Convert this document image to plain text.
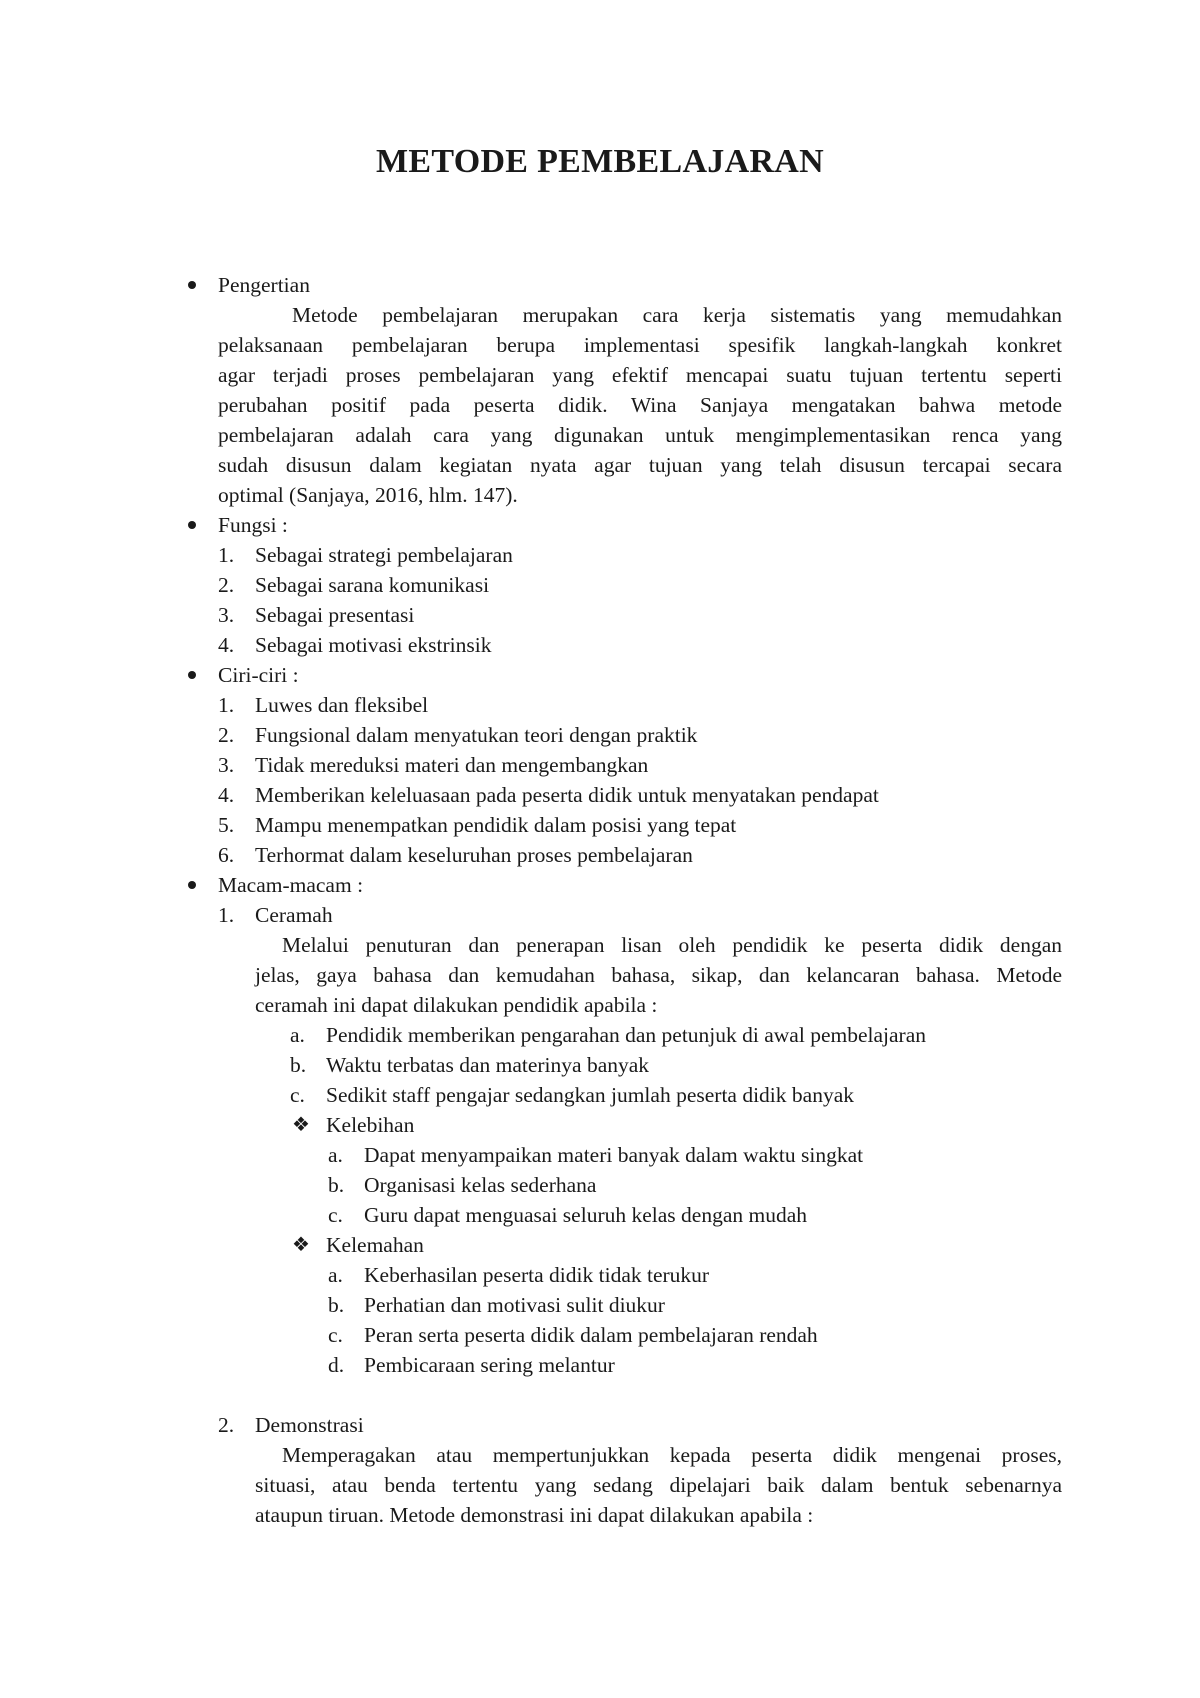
METODE PEMBELAJARAN
Pengertian
Metode pembelajaran merupakan cara kerja sistematis yang memudahkan
pelaksanaan pembelajaran berupa implementasi spesifik langkah-langkah konkret
agar terjadi proses pembelajaran yang efektif mencapai suatu tujuan tertentu seperti
perubahan positif pada peserta didik. Wina Sanjaya mengatakan bahwa metode
pembelajaran adalah cara yang digunakan untuk mengimplementasikan renca yang
sudah disusun dalam kegiatan nyata agar tujuan yang telah disusun tercapai secara
optimal (Sanjaya, 2016, hlm. 147).
Fungsi :
1. Sebagai strategi pembelajaran
2. Sebagai sarana komunikasi
3. Sebagai presentasi
4. Sebagai motivasi ekstrinsik
Ciri-ciri :
1. Luwes dan fleksibel
2. Fungsional dalam menyatukan teori dengan praktik
3. Tidak mereduksi materi dan mengembangkan
4. Memberikan keleluasaan pada peserta didik untuk menyatakan pendapat
5. Mampu menempatkan pendidik dalam posisi yang tepat
6. Terhormat dalam keseluruhan proses pembelajaran
Macam-macam :
1. Ceramah
Melalui penuturan dan penerapan lisan oleh pendidik ke peserta didik dengan
jelas, gaya bahasa dan kemudahan bahasa, sikap, dan kelancaran bahasa. Metode
ceramah ini dapat dilakukan pendidik apabila :
a. Pendidik memberikan pengarahan dan petunjuk di awal pembelajaran
b. Waktu terbatas dan materinya banyak
c. Sedikit staff pengajar sedangkan jumlah peserta didik banyak
❖ Kelebihan
a. Dapat menyampaikan materi banyak dalam waktu singkat
b. Organisasi kelas sederhana
c. Guru dapat menguasai seluruh kelas dengan mudah
❖ Kelemahan
a. Keberhasilan peserta didik tidak terukur
b. Perhatian dan motivasi sulit diukur
c. Peran serta peserta didik dalam pembelajaran rendah
d. Pembicaraan sering melantur
2. Demonstrasi
Memperagakan atau mempertunjukkan kepada peserta didik mengenai proses,
situasi, atau benda tertentu yang sedang dipelajari baik dalam bentuk sebenarnya
ataupun tiruan. Metode demonstrasi ini dapat dilakukan apabila :
